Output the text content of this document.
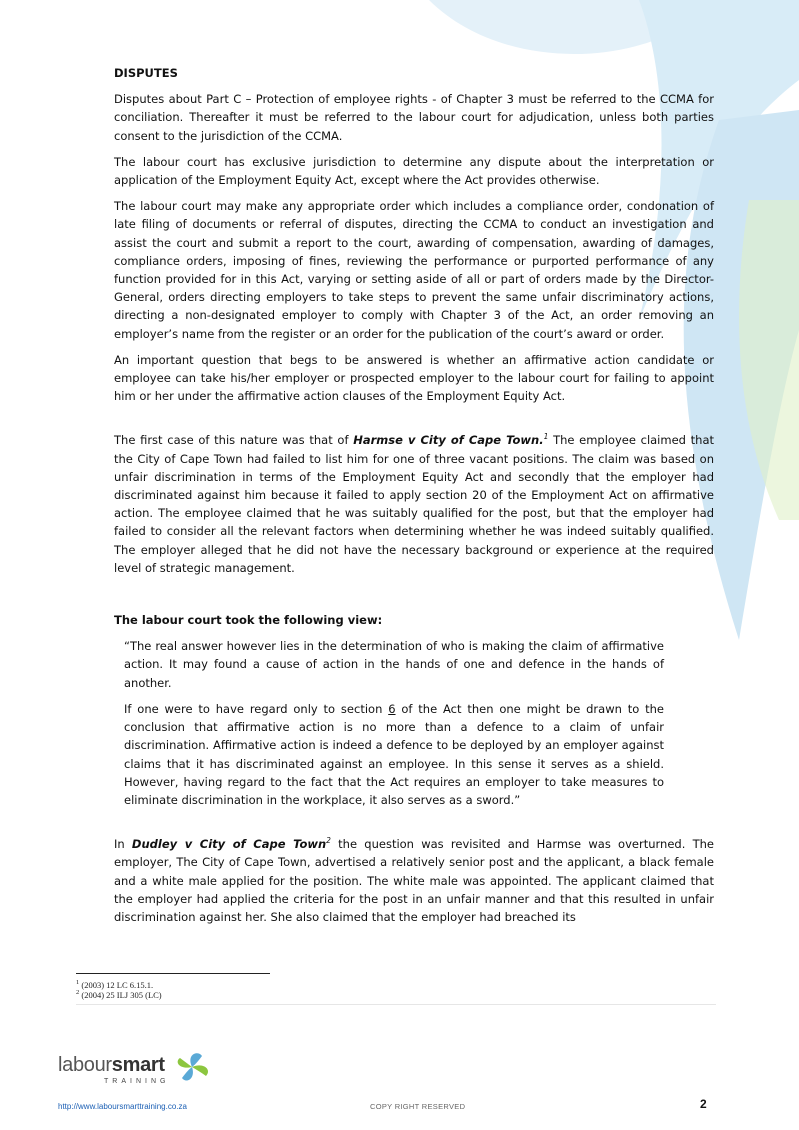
DISPUTES

Disputes about Part C – Protection of employee rights - of Chapter 3 must be referred to the CCMA for conciliation. Thereafter it must be referred to the labour court for adjudication, unless both parties consent to the jurisdiction of the CCMA.

The labour court has exclusive jurisdiction to determine any dispute about the interpretation or application of the Employment Equity Act, except where the Act provides otherwise.

The labour court may make any appropriate order which includes a compliance order, condonation of late filing of documents or referral of disputes, directing the CCMA to conduct an investigation and assist the court and submit a report to the court, awarding of compensation, awarding of damages, compliance orders, imposing of fines, reviewing the performance or purported performance of any function provided for in this Act, varying or setting aside of all or part of orders made by the Director-General, orders directing employers to take steps to prevent the same unfair discriminatory actions, directing a non-designated employer to comply with Chapter 3 of the Act, an order removing an employer’s name from the register or an order for the publication of the court’s award or order.

An important question that begs to be answered is whether an affirmative action candidate or employee can take his/her employer or prospected employer to the labour court for failing to appoint him or her under the affirmative action clauses of the Employment Equity Act.

The first case of this nature was that of Harmse v City of Cape Town.$^1$ The employee claimed that the City of Cape Town had failed to list him for one of three vacant positions. The claim was based on unfair discrimination in terms of the Employment Equity Act and secondly that the employer had discriminated against him because it failed to apply section 20 of the Employment Act on affirmative action. The employee claimed that he was suitably qualified for the post, but that the employer had failed to consider all the relevant factors when determining whether he was indeed suitably qualified. The employer alleged that he did not have the necessary background or experience at the required level of strategic management.

The labour court took the following view:

“The real answer however lies in the determination of who is making the claim of affirmative action. It may found a cause of action in the hands of one and defence in the hands of another.

If one were to have regard only to section 6 of the Act then one might be drawn to the conclusion that affirmative action is no more than a defence to a claim of unfair discrimination. Affirmative action is indeed a defence to be deployed by an employer against claims that it has discriminated against an employee. In this sense it serves as a shield. However, having regard to the fact that the Act requires an employer to take measures to eliminate discrimination in the workplace, it also serves as a sword.”

In Dudley v City of Cape Town$^2$ the question was revisited and Harmse was overturned. The employer, The City of Cape Town, advertised a relatively senior post and the applicant, a black female and a white male applied for the position. The white male was appointed. The applicant claimed that the employer had applied the criteria for the post in an unfair manner and that this resulted in unfair discrimination against her. She also claimed that the employer had breached its

$^1$ (2003) 12 LC 6.15.1.
$^2$ (2004) 25 ILJ 305 (LC)
laboursmart
TRAINING
http://www.laboursmarttraining.co.za	COPY RIGHT RESERVED	2
